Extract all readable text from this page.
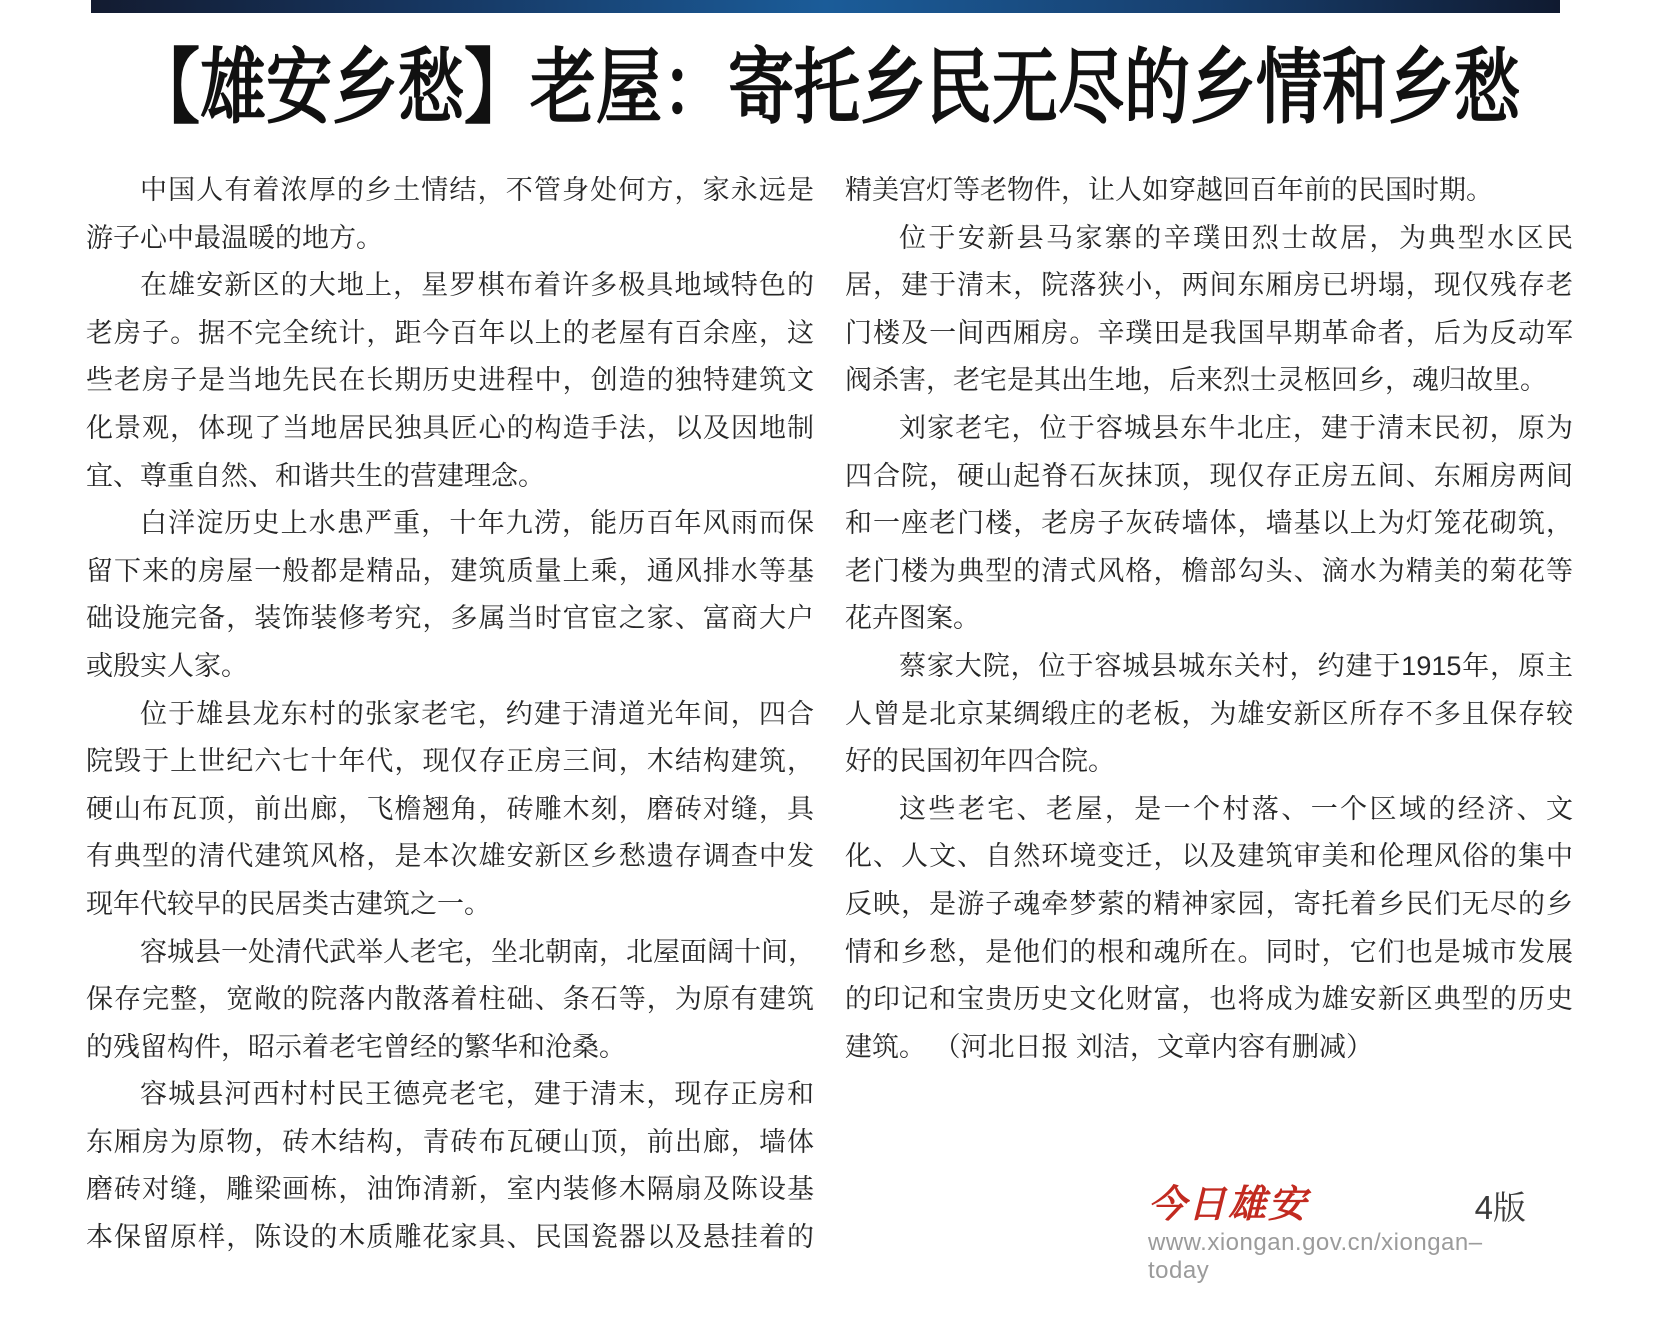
【雄安乡愁】老屋：寄托乡民无尽的乡情和乡愁
中国人有着浓厚的乡土情结，不管身处何方，家永远是
游子心中最温暖的地方。
在雄安新区的大地上，星罗棋布着许多极具地域特色的
老房子。据不完全统计，距今百年以上的老屋有百余座，这
些老房子是当地先民在长期历史进程中，创造的独特建筑文
化景观，体现了当地居民独具匠心的构造手法，以及因地制
宜、尊重自然、和谐共生的营建理念。
白洋淀历史上水患严重，十年九涝，能历百年风雨而保
留下来的房屋一般都是精品，建筑质量上乘，通风排水等基
础设施完备，装饰装修考究，多属当时官宦之家、富商大户
或殷实人家。
位于雄县龙东村的张家老宅，约建于清道光年间，四合
院毁于上世纪六七十年代，现仅存正房三间，木结构建筑，
硬山布瓦顶，前出廊，飞檐翘角，砖雕木刻，磨砖对缝，具
有典型的清代建筑风格，是本次雄安新区乡愁遗存调查中发
现年代较早的民居类古建筑之一。
容城县一处清代武举人老宅，坐北朝南，北屋面阔十间，
保存完整，宽敞的院落内散落着柱础、条石等，为原有建筑
的残留构件，昭示着老宅曾经的繁华和沧桑。
容城县河西村村民王德亮老宅，建于清末，现存正房和
东厢房为原物，砖木结构，青砖布瓦硬山顶，前出廊，墙体
磨砖对缝，雕梁画栋，油饰清新，室内装修木隔扇及陈设基
本保留原样，陈设的木质雕花家具、民国瓷器以及悬挂着的
精美宫灯等老物件，让人如穿越回百年前的民国时期。
位于安新县马家寨的辛璞田烈士故居，为典型水区民
居，建于清末，院落狭小，两间东厢房已坍塌，现仅残存老
门楼及一间西厢房。辛璞田是我国早期革命者，后为反动军
阀杀害，老宅是其出生地，后来烈士灵柩回乡，魂归故里。
刘家老宅，位于容城县东牛北庄，建于清末民初，原为
四合院，硬山起脊石灰抹顶，现仅存正房五间、东厢房两间
和一座老门楼，老房子灰砖墙体，墙基以上为灯笼花砌筑，
老门楼为典型的清式风格，檐部勾头、滴水为精美的菊花等
花卉图案。
蔡家大院，位于容城县城东关村，约建于1915年，原主
人曾是北京某绸缎庄的老板，为雄安新区所存不多且保存较
好的民国初年四合院。
这些老宅、老屋，是一个村落、一个区域的经济、文
化、人文、自然环境变迁，以及建筑审美和伦理风俗的集中
反映，是游子魂牵梦萦的精神家园，寄托着乡民们无尽的乡
情和乡愁，是他们的根和魂所在。同时，它们也是城市发展
的印记和宝贵历史文化财富，也将成为雄安新区典型的历史
建筑。 （河北日报 刘洁，文章内容有删减）
今日雄安	4版
www.xiongan.gov.cn/xiongan–today
